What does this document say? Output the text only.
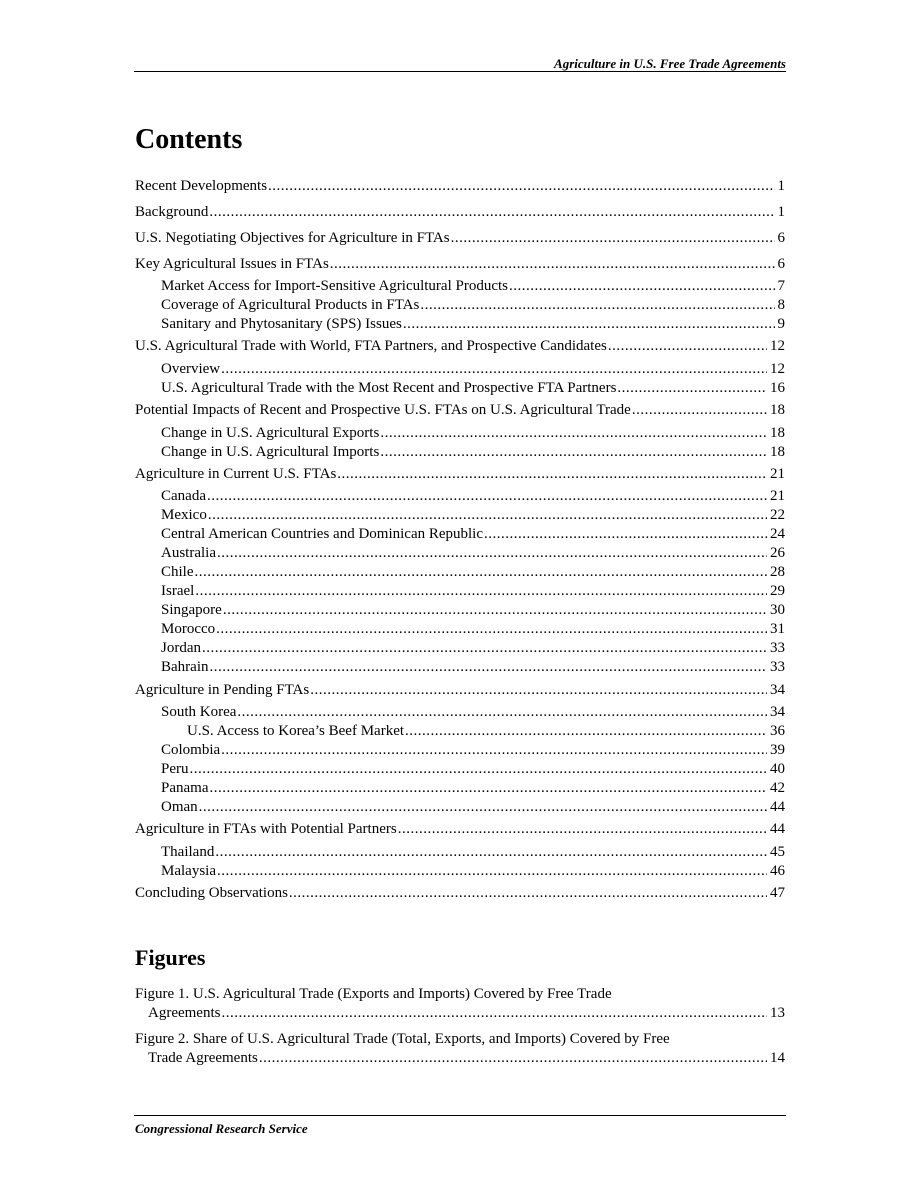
Agriculture in U.S. Free Trade Agreements
Contents
Recent Developments .....	1
Background .....	1
U.S. Negotiating Objectives for Agriculture in FTAs .....	6
Key Agricultural Issues in FTAs .....	6
Market Access for Import-Sensitive Agricultural Products .....	7
Coverage of Agricultural Products in FTAs .....	8
Sanitary and Phytosanitary (SPS) Issues .....	9
U.S. Agricultural Trade with World, FTA Partners, and Prospective Candidates .....	12
Overview .....	12
U.S. Agricultural Trade with the Most Recent and Prospective FTA Partners .....	16
Potential Impacts of Recent and Prospective U.S. FTAs on U.S. Agricultural Trade .....	18
Change in U.S. Agricultural Exports .....	18
Change in U.S. Agricultural Imports .....	18
Agriculture in Current U.S. FTAs .....	21
Canada .....	21
Mexico .....	22
Central American Countries and Dominican Republic .....	24
Australia .....	26
Chile .....	28
Israel .....	29
Singapore .....	30
Morocco .....	31
Jordan .....	33
Bahrain .....	33
Agriculture in Pending FTAs .....	34
South Korea .....	34
U.S. Access to Korea’s Beef Market .....	36
Colombia .....	39
Peru .....	40
Panama .....	42
Oman .....	44
Agriculture in FTAs with Potential Partners .....	44
Thailand .....	45
Malaysia .....	46
Concluding Observations .....	47
Figures
Figure 1. U.S. Agricultural Trade (Exports and Imports) Covered by Free Trade
Agreements .....	13
Figure 2. Share of U.S. Agricultural Trade (Total, Exports, and Imports) Covered by Free
Trade Agreements .....	14
Congressional Research Service
